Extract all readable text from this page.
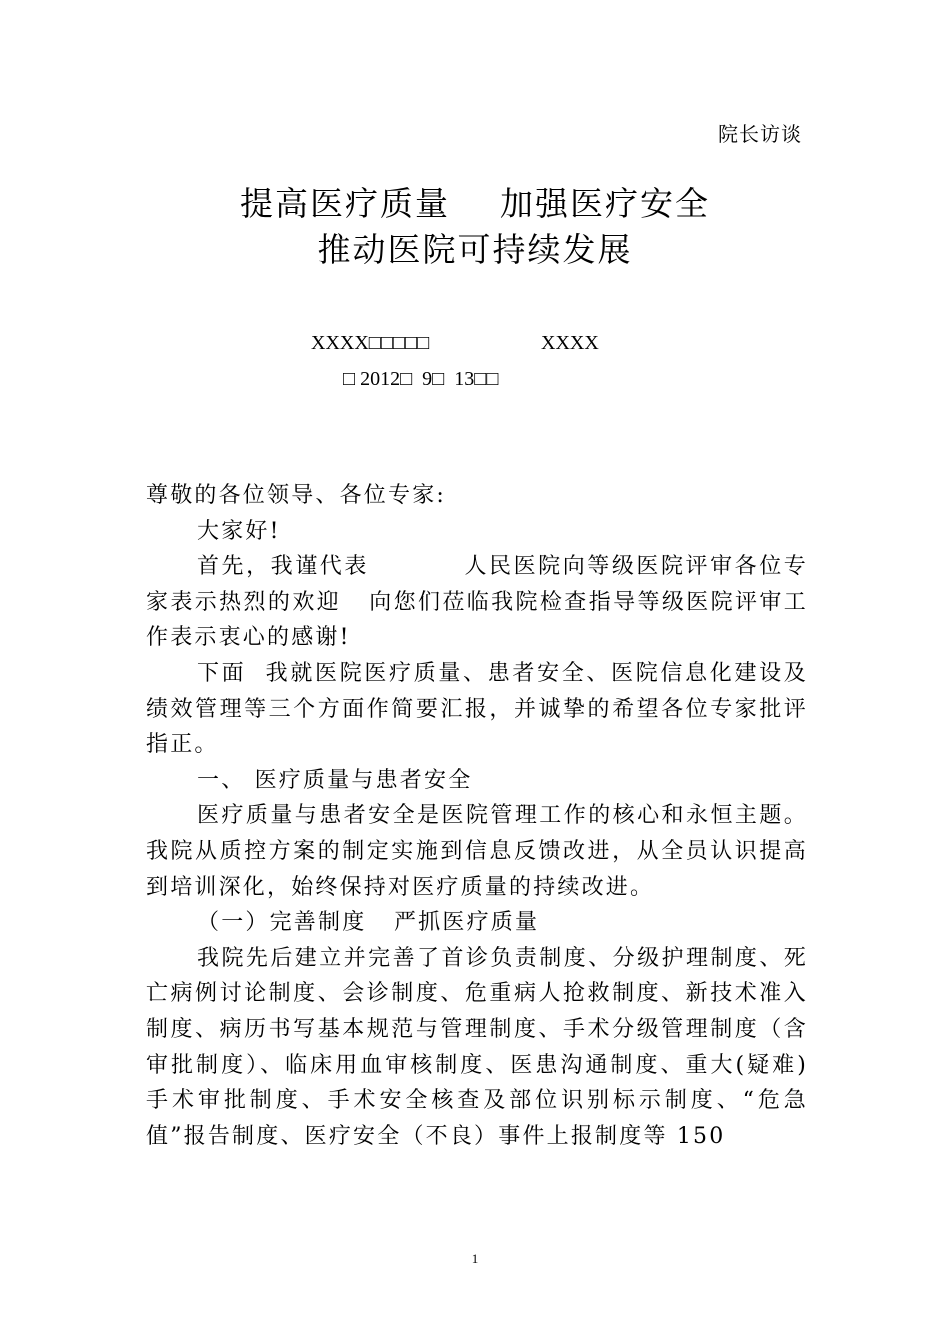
院长访谈
提高医疗质量    加强医疗安全
推动医院可持续发展
XXXX□□□□□	XXXX
□ 2012□  9□  13□□

尊敬的各位领导、各位专家:

大家好!

首先，我谨代表          人民医院向等级医院评审各位专家表示热烈的欢迎   向您们莅临我院检查指导等级医院评审工作表示衷心的感谢!

下面  我就医院医疗质量、患者安全、医院信息化建设及绩效管理等三个方面作简要汇报，并诚挚的希望各位专家批评指正。

一、 医疗质量与患者安全

医疗质量与患者安全是医院管理工作的核心和永恒主题。我院从质控方案的制定实施到信息反馈改进，从全员认识提高到培训深化，始终保持对医疗质量的持续改进。

（一）完善制度   严抓医疗质量

我院先后建立并完善了首诊负责制度、分级护理制度、死亡病例讨论制度、会诊制度、危重病人抢救制度、新技术准入制度、病历书写基本规范与管理制度、手术分级管理制度（含审批制度）、临床用血审核制度、医患沟通制度、重大(疑难)手术审批制度、手术安全核查及部位识别标示制度、“危急值”报告制度、医疗安全（不良）事件上报制度等 150

1
